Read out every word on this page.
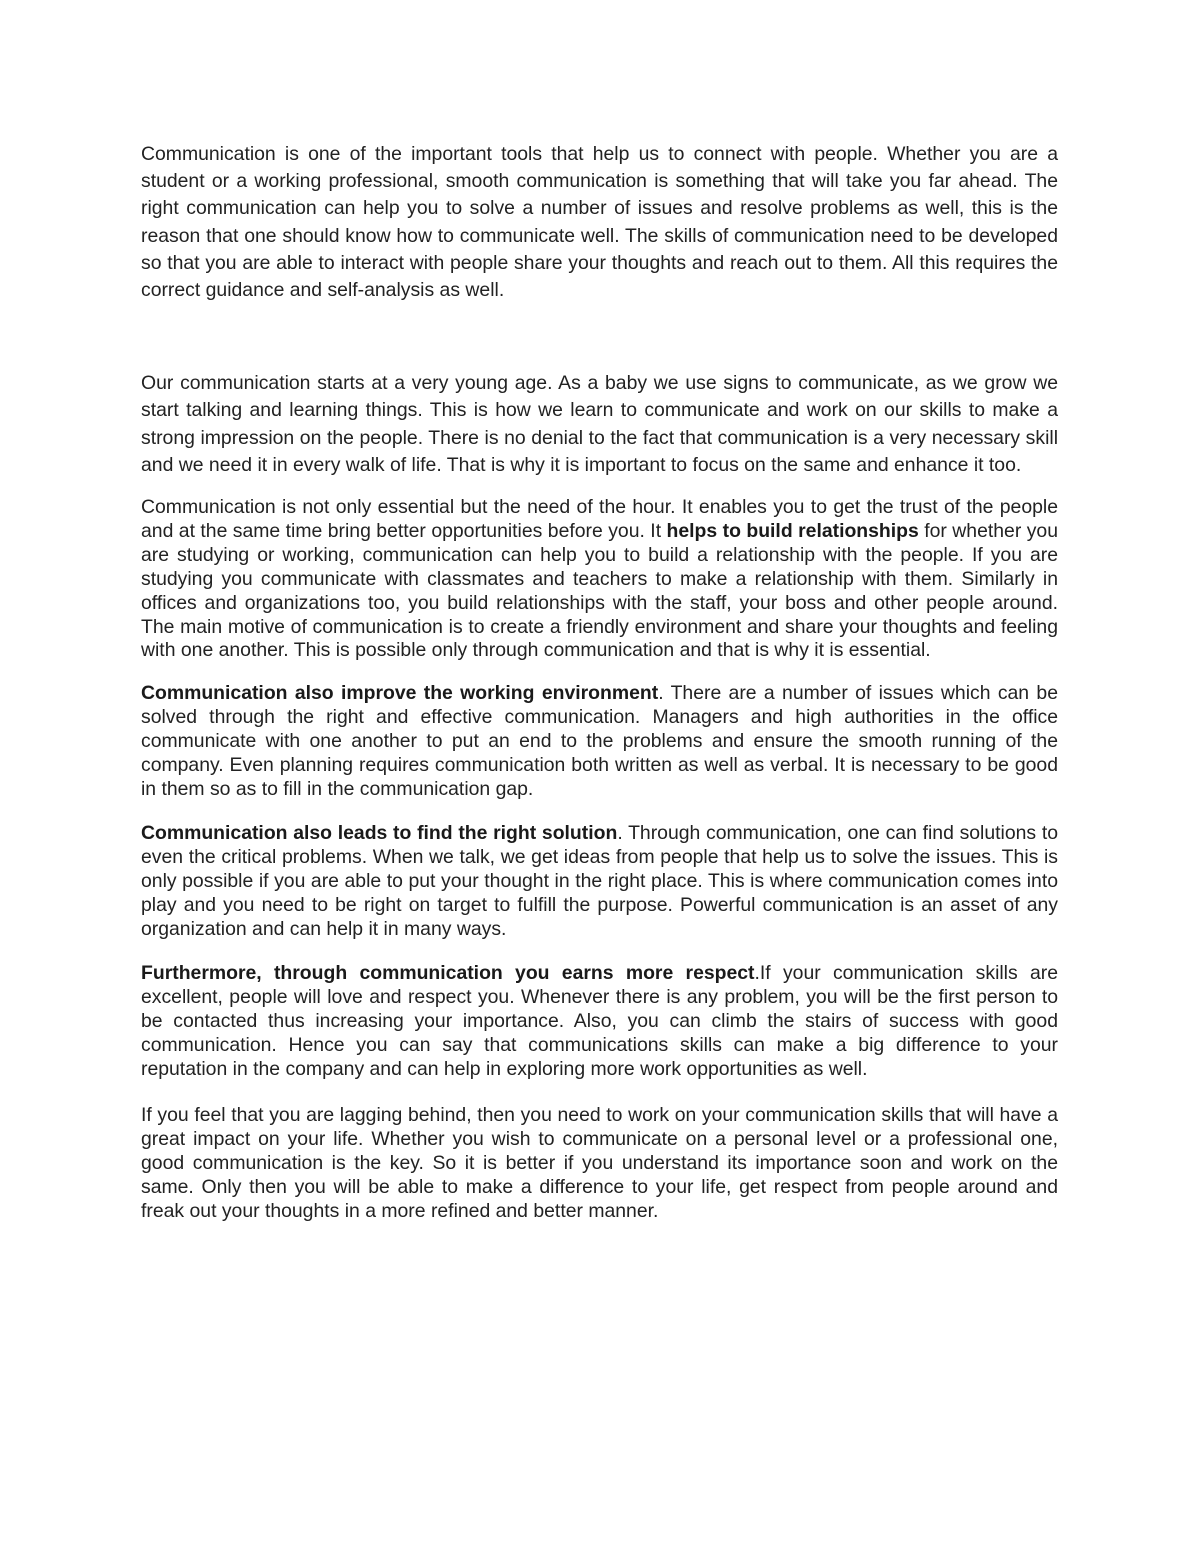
Communication is one of the important tools that help us to connect with people. Whether you are a student or a working professional, smooth communication is something that will take you far ahead. The right communication can help you to solve a number of issues and resolve problems as well, this is the reason that one should know how to communicate well. The skills of communication need to be developed so that you are able to interact with people share your thoughts and reach out to them. All this requires the correct guidance and self-analysis as well.

Our communication starts at a very young age. As a baby we use signs to communicate, as we grow we start talking and learning things. This is how we learn to communicate and work on our skills to make a strong impression on the people. There is no denial to the fact that communication is a very necessary skill and we need it in every walk of life. That is why it is important to focus on the same and enhance it too.

Communication is not only essential but the need of the hour. It enables you to get the trust of the people and at the same time bring better opportunities before you. It helps to build relationships for whether you are studying or working, communication can help you to build a relationship with the people. If you are studying you communicate with classmates and teachers to make a relationship with them. Similarly in offices and organizations too, you build relationships with the staff, your boss and other people around. The main motive of communication is to create a friendly environment and share your thoughts and feeling with one another. This is possible only through communication and that is why it is essential.

Communication also improve the working environment. There are a number of issues which can be solved through the right and effective communication. Managers and high authorities in the office communicate with one another to put an end to the problems and ensure the smooth running of the company. Even planning requires communication both written as well as verbal. It is necessary to be good in them so as to fill in the communication gap.

Communication also leads to find the right solution. Through communication, one can find solutions to even the critical problems. When we talk, we get ideas from people that help us to solve the issues. This is only possible if you are able to put your thought in the right place. This is where communication comes into play and you need to be right on target to fulfill the purpose. Powerful communication is an asset of any organization and can help it in many ways.

Furthermore, through communication you earns more respect.If your communication skills are excellent, people will love and respect you. Whenever there is any problem, you will be the first person to be contacted thus increasing your importance. Also, you can climb the stairs of success with good communication. Hence you can say that communications skills can make a big difference to your reputation in the company and can help in exploring more work opportunities as well.

If you feel that you are lagging behind, then you need to work on your communication skills that will have a great impact on your life. Whether you wish to communicate on a personal level or a professional one, good communication is the key. So it is better if you understand its importance soon and work on the same. Only then you will be able to make a difference to your life, get respect from people around and freak out your thoughts in a more refined and better manner.
